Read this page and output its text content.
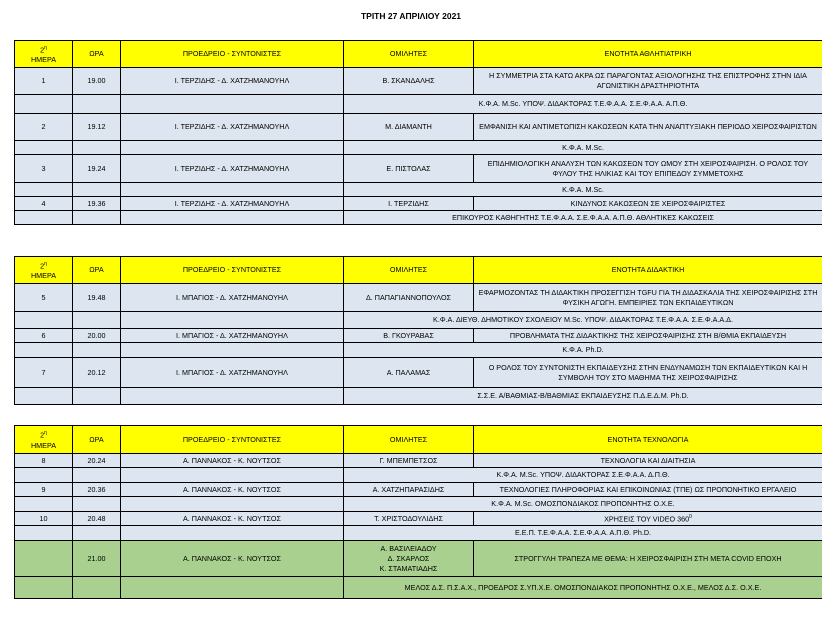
ΤΡΙΤΗ 27 ΑΠΡΙΛΙΟΥ 2021
$2^\eta$
ΗΜΕΡΑ	ΩΡΑ	ΠΡΟΕΔΡΕΙΟ - ΣΥΝΤΟΝΙΣΤΕΣ	ΟΜΙΛΗΤΕΣ	ΕΝΟΤΗΤΑ ΑΘΛΗΤΙΑΤΡΙΚΗ
1	19.00	Ι. ΤΕΡΖΙΔΗΣ - Δ. ΧΑΤΖΗΜΑΝΟΥΗΛ	Β. ΣΚΑΝΔΑΛΗΣ	Η ΣΥΜΜΕΤΡΙΑ ΣΤΑ ΚΑΤΩ ΑΚΡΑ ΩΣ ΠΑΡΑΓΟΝΤΑΣ ΑΞΙΟΛΟΓΗΣΗΣ ΤΗΣ ΕΠΙΣΤΡΟΦΗΣ ΣΤΗΝ ΙΔΙΑ ΑΓΩΝΙΣΤΙΚΗ ΔΡΑΣΤΗΡΙΟΤΗΤΑ
			Κ.Φ.Α. M.Sc. ΥΠΟΨ. ΔΙΔΑΚΤΟΡΑΣ Τ.Ε.Φ.Α.Α. Σ.Ε.Φ.Α.Α. Α.Π.Θ.	
2	19.12	Ι. ΤΕΡΖΙΔΗΣ - Δ. ΧΑΤΖΗΜΑΝΟΥΗΛ	Μ. ΔΙΑΜΑΝΤΗ	ΕΜΦΑΝΙΣΗ ΚΑΙ ΑΝΤΙΜΕΤΩΠΙΣΗ ΚΑΚΩΣΕΩΝ ΚΑΤΑ ΤΗΝ ΑΝΑΠΤΥΞΙΑΚΗ ΠΕΡΙΟΔΟ ΧΕΙΡΟΣΦΑΙΡΙΣΤΩΝ
			Κ.Φ.Α. M.Sc.	
3	19.24	Ι. ΤΕΡΖΙΔΗΣ - Δ. ΧΑΤΖΗΜΑΝΟΥΗΛ	Ε. ΠΙΣΤΟΛΑΣ	ΕΠΙΔΗΜΙΟΛΟΓΙΚΗ ΑΝΑΛΥΣΗ ΤΩΝ ΚΑΚΩΣΕΩΝ ΤΟΥ ΩΜΟΥ ΣΤΗ ΧΕΙΡΟΣΦΑΙΡΙΣΗ. Ο ΡΟΛΟΣ ΤΟΥ ΦΥΛΟΥ ΤΗΣ ΗΛΙΚΙΑΣ ΚΑΙ ΤΟΥ ΕΠΙΠΕΔΟΥ ΣΥΜΜΕΤΟΧΗΣ
			Κ.Φ.Α. M.Sc.	
4	19.36	Ι. ΤΕΡΖΙΔΗΣ - Δ. ΧΑΤΖΗΜΑΝΟΥΗΛ	Ι. ΤΕΡΖΙΔΗΣ	ΚΙΝΔΥΝΟΣ ΚΑΚΩΣΕΩΝ ΣΕ ΧΕΙΡΟΣΦΑΙΡΙΣΤΕΣ
			ΕΠΙΚΟΥΡΟΣ ΚΑΘΗΓΗΤΗΣ Τ.Ε.Φ.Α.Α. Σ.Ε.Φ.Α.Α. Α.Π.Θ. ΑΘΛΗΤΙΚΕΣ ΚΑΚΩΣΕΙΣ	
$2^\eta$
ΗΜΕΡΑ	ΩΡΑ	ΠΡΟΕΔΡΕΙΟ - ΣΥΝΤΟΝΙΣΤΕΣ	ΟΜΙΛΗΤΕΣ	ΕΝΟΤΗΤΑ ΔΙΔΑΚΤΙΚΗ
5	19.48	Ι. ΜΠΑΓΙΟΣ - Δ. ΧΑΤΖΗΜΑΝΟΥΗΛ	Δ. ΠΑΠΑΓΙΑΝΝΟΠΟΥΛΟΣ	ΕΦΑΡΜΟΖΟΝΤΑΣ ΤΗ ΔΙΔΑΚΤΙΚΗ ΠΡΟΣΕΓΓΙΣΗ TGFU ΓΙΑ ΤΗ ΔΙΔΑΣΚΑΛΙΑ ΤΗΣ ΧΕΙΡΟΣΦΑΙΡΙΣΗΣ ΣΤΗ ΦΥΣΙΚΗ ΑΓΩΓΗ. ΕΜΠΕΙΡΙΕΣ ΤΩΝ ΕΚΠΑΙΔΕΥΤΙΚΩΝ
			Κ.Φ.Α. ΔΙΕΥΘ. ΔΗΜΟΤΙΚΟΥ ΣΧΟΛΕΙΟΥ M.Sc. ΥΠΟΨ. ΔΙΔΑΚΤΟΡΑΣ Τ.Ε.Φ.Α.Α. Σ.Ε.Φ.Α.Α.Δ.	
6	20.00	Ι. ΜΠΑΓΙΟΣ - Δ. ΧΑΤΖΗΜΑΝΟΥΗΛ	Β. ΓΚΟΥΡΑΒΑΣ	ΠΡΟΒΛΗΜΑΤΑ ΤΗΣ ΔΙΔΑΚΤΙΚΗΣ ΤΗΣ ΧΕΙΡΟΣΦΑΙΡΙΣΗΣ ΣΤΗ Β/ΘΜΙΑ ΕΚΠΑΙΔΕΥΣΗ
			Κ.Φ.Α. Ph.D.	
7	20.12	Ι. ΜΠΑΓΙΟΣ - Δ. ΧΑΤΖΗΜΑΝΟΥΗΛ	Α. ΠΑΛΑΜΑΣ	Ο ΡΟΛΟΣ ΤΟΥ ΣΥΝΤΟΝΙΣΤΗ ΕΚΠΑΙΔΕΥΣΗΣ ΣΤΗΝ ΕΝΔΥΝΑΜΩΣΗ ΤΩΝ ΕΚΠΑΙΔΕΥΤΙΚΩΝ ΚΑΙ Η ΣΥΜΒΟΛΗ ΤΟΥ ΣΤΟ ΜΑΘΗΜΑ ΤΗΣ ΧΕΙΡΟΣΦΑΙΡΙΣΗΣ
			Σ.Σ.Ε. Α/ΒΑΘΜΙΑΣ-Β/ΒΑΘΜΙΑΣ ΕΚΠΑΙΔΕΥΣΗΣ Π.Δ.Ε.Δ.Μ. Ph.D.	
$2^\eta$
ΗΜΕΡΑ	ΩΡΑ	ΠΡΟΕΔΡΕΙΟ - ΣΥΝΤΟΝΙΣΤΕΣ	ΟΜΙΛΗΤΕΣ	ΕΝΟΤΗΤΑ ΤΕΧΝΟΛΟΓΙΑ
8	20.24	Α. ΠΑΝΝΑΚΟΣ - Κ. ΝΟΥΤΣΟΣ	Γ. ΜΠΕΜΠΕΤΣΟΣ	ΤΕΧΝΟΛΟΓΙΑ ΚΑΙ ΔΙΑΙΤΗΣΙΑ
			Κ.Φ.Α. Μ.Sc. ΥΠΟΨ. ΔΙΔΑΚΤΟΡΑΣ Σ.Ε.Φ.Α.Α. Δ.Π.Θ.	
9	20.36	Α. ΠΑΝΝΑΚΟΣ - Κ. ΝΟΥΤΣΟΣ	Α. ΧΑΤΖΗΠΑΡΑΣΙΔΗΣ	ΤΕΧΝΟΛΟΓΙΕΣ ΠΛΗΡΟΦΟΡΙΑΣ ΚΑΙ ΕΠΙΚΟΙΝΩΝΙΑΣ (ΤΠΕ) ΩΣ ΠΡΟΠΟΝΗΤΙΚΟ ΕΡΓΑΛΕΙΟ
			Κ.Φ.Α. M.Sc. ΟΜΟΣΠΟΝΔΙΑΚΟΣ ΠΡΟΠΟΝΗΤΗΣ Ο.Χ.Ε.	
10	20.48	Α. ΠΑΝΝΑΚΟΣ - Κ. ΝΟΥΤΣΟΣ	Τ. ΧΡΙΣΤΟΔΟΥΛΙΔΗΣ	ΧΡΗΣΕΙΣ ΤΟΥ VIDEO $360^0$
			Ε.Ε.Π. Τ.Ε.Φ.Α.Α. Σ.Ε.Φ.Α.Α. Α.Π.Θ. Ph.D.	
	21.00	Α. ΠΑΝΝΑΚΟΣ - Κ. ΝΟΥΤΣΟΣ	Α. ΒΑΣΙΛΕΙΑΔΟΥ
Δ. ΣΚΑΡΛΟΣ
Κ. ΣΤΑΜΑΤΙΑΔΗΣ	ΣΤΡΟΓΓΥΛΗ ΤΡΑΠΕΖΑ ΜΕ ΘΕΜΑ: Η ΧΕΙΡΟΣΦΑΙΡΙΣΗ ΣΤΗ ΜΕΤΑ COVID ΕΠΟΧΗ
			ΜΕΛΟΣ Δ.Σ. Π.Σ.Α.Χ., ΠΡΟΕΔΡΟΣ Σ.ΥΠ.Χ.Ε. ΟΜΟΣΠΟΝΔΙΑΚΟΣ ΠΡΟΠΟΝΗΤΗΣ Ο.Χ.Ε., ΜΕΛΟΣ Δ.Σ. Ο.Χ.Ε.	
